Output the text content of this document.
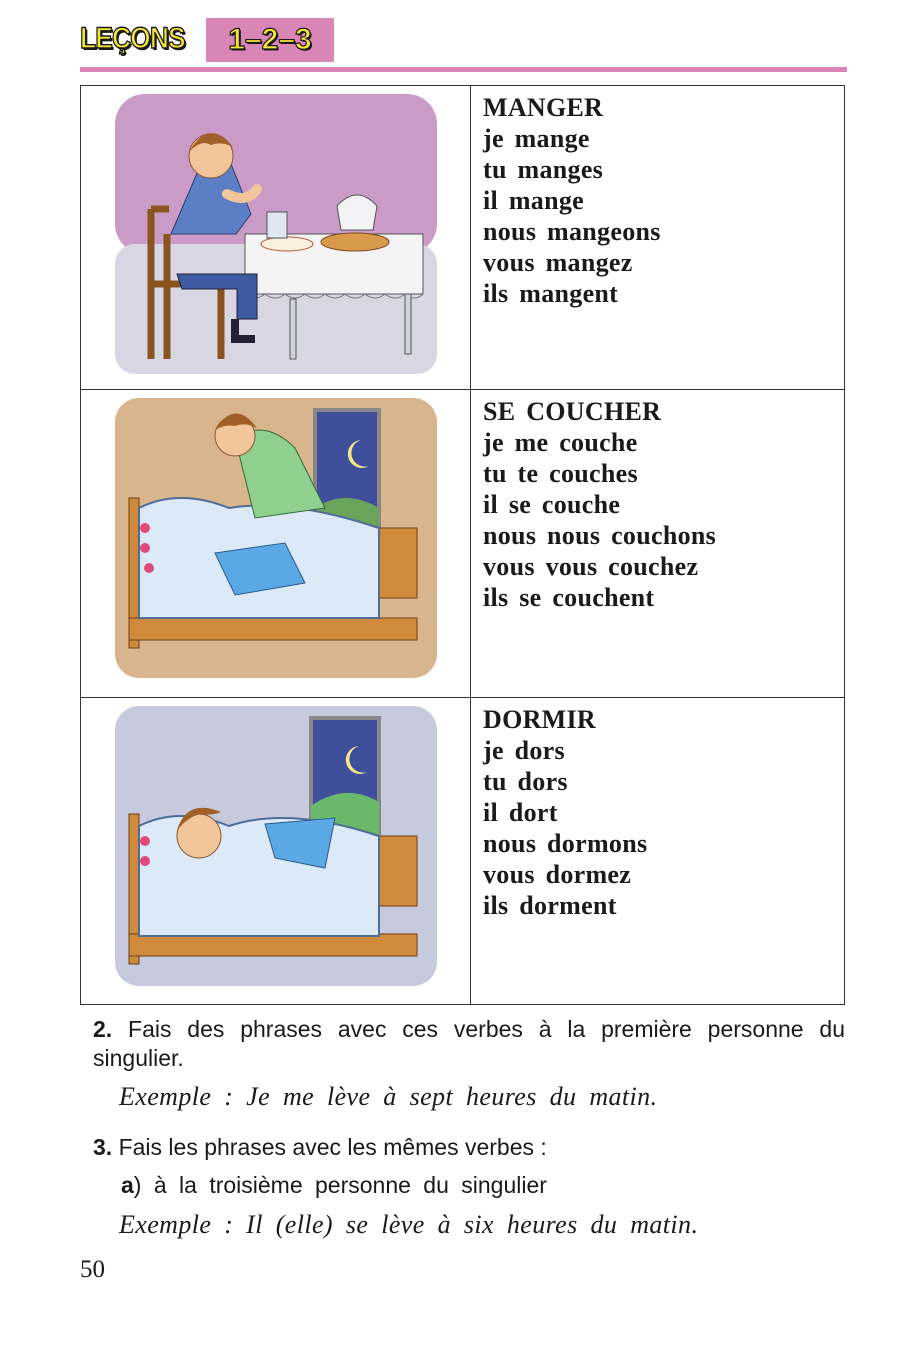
LEÇONS	1–2–3
MANGER
je mange
tu manges
il mange
nous mangeons
vous mangez
ils mangent
SE COUCHER
je me couche
tu te couches
il se couche
nous nous couchons
vous vous couchez
ils se couchent
DORMIR
je dors
tu dors
il dort
nous dormons
vous dormez
ils dorment
2. Fais des phrases avec ces verbes à la première personne du singulier.
Exemple : Je me lève à sept heures du matin.
3. Fais les phrases avec les mêmes verbes :
a) à la troisième personne du singulier
Exemple : Il (elle) se lève à six heures du matin.
50
